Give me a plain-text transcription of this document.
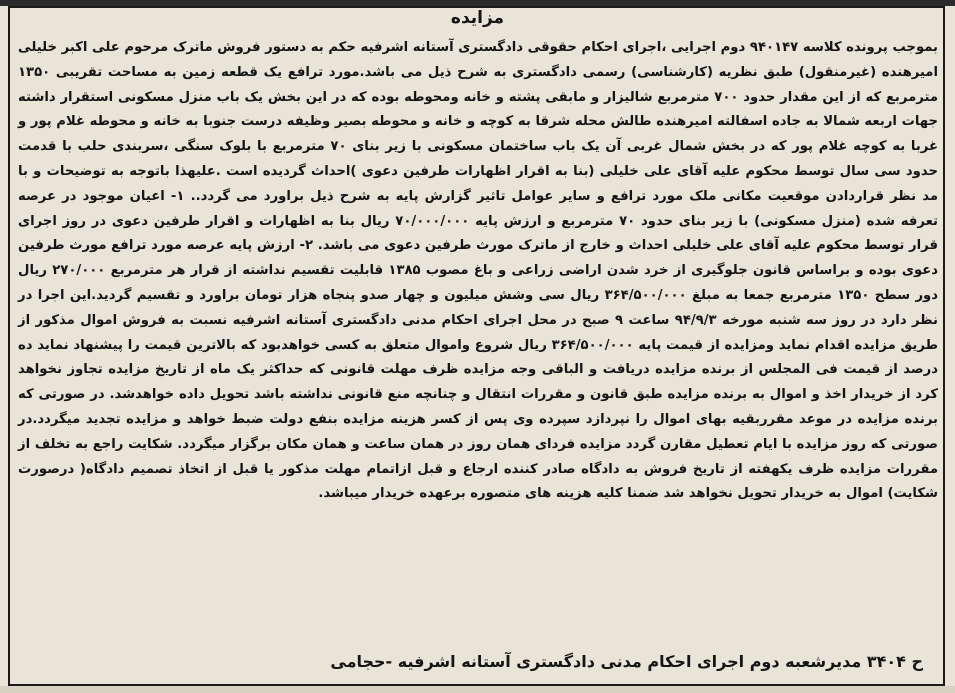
مزایده

بموجب پرونده کلاسه ۹۴۰۱۴۷ دوم اجرایی ،اجرای احکام حقوقی دادگستری آستانه اشرفیه حکم به دستور فروش ماترک مرحوم علی اکبر خلیلی امیرهنده (غیرمنقول) طبق نظریه (کارشناسی) رسمی دادگستری به شرح ذیل می باشد.مورد ترافع یک قطعه زمین به مساحت تقریبی ۱۳۵۰ مترمربع که از این مقدار حدود ۷۰۰ مترمربع شالیزار و مابقی پشته و خانه ومحوطه بوده که در این بخش یک باب منزل مسکونی استقرار داشته جهات اربعه شمالا به جاده اسفالته امیرهنده طالش محله شرقا به کوچه و خانه و محوطه بصیر وظیفه درست جنوبا به خانه و محوطه غلام پور و غربا به کوچه غلام پور که در بخش شمال غربی آن یک باب ساختمان مسکونی با زیر بنای ۷۰ مترمربع با بلوک سنگی ،سربندی حلب با قدمت حدود سی سال توسط محکوم علیه آقای علی خلیلی (بنا به اقرار اظهارات طرفین دعوی )احداث گردیده است .علیهذا باتوجه به توضیحات و با مد نظر قراردادن موقعیت مکانی ملک مورد ترافع و سایر عوامل تاثیر گزارش پایه به شرح ذیل براورد می گردد.. ۱- اعیان موجود در عرصه تعرفه شده (منزل مسکونی) با زیر بنای حدود ۷۰ مترمربع و ارزش پایه ۷۰/۰۰۰/۰۰۰ ریال بنا به اظهارات و اقرار طرفین دعوی در روز اجرای قرار توسط محکوم علیه آقای علی خلیلی احداث و خارج از ماترک مورث طرفین دعوی می باشد. ۲- ارزش پایه عرصه مورد ترافع مورث طرفین دعوی بوده و براساس قانون جلوگیری از خرد شدن اراضی زراعی و باغ مصوب ۱۳۸۵ قابلیت تقسیم نداشته از قرار هر مترمربع ۲۷۰/۰۰۰ ریال دور سطح ۱۳۵۰ مترمربع جمعا به مبلغ ۳۶۴/۵۰۰/۰۰۰ ریال سی وشش میلیون و چهار صدو پنجاه هزار تومان براورد و تقسیم گردید.این اجرا در نظر دارد در روز سه شنبه مورخه ۹۴/۹/۳ ساعت ۹ صبح در محل اجرای احکام مدنی دادگستری آستانه اشرفیه نسبت به فروش اموال مذکور از طریق مزایده اقدام نماید ومزایده از قیمت پایه ۳۶۴/۵۰۰/۰۰۰ ریال شروع واموال متعلق به کسی خواهدبود که بالاترین قیمت را پیشنهاد نماید ده درصد از قیمت فی المجلس از برنده مزایده دریافت و الباقی وجه مزایده ظرف مهلت قانونی که حداکثر یک ماه از تاریخ مزایده تجاوز نخواهد کرد از خریدار اخذ و اموال به برنده مزایده طبق قانون و مقررات انتقال و چنانچه منع قانونی نداشته باشد تحویل داده خواهدشد. در صورتی که برنده مزایده در موعد مقرربقیه بهای اموال را نپردازد سپرده وی پس از کسر هزینه مزایده بنفع دولت ضبط خواهد و مزایده تجدید میگردد.در صورتی که روز مزایده با ایام تعطیل مقارن گردد مزایده فردای همان روز در همان ساعت و همان مکان برگزار میگردد. شکایت راجع به تخلف از مقررات مزایده ظرف یکهفته از تاریخ فروش به دادگاه صادر کننده ارجاع و قبل ازاتمام مهلت مذکور یا قبل از اتخاذ تصمیم دادگاه( درصورت شکایت) اموال به خریدار تحویل نخواهد شد ضمنا کلیه هزینه های متصوره برعهده خریدار میباشد.

ح ۳۴۰۴ مدیرشعبه دوم اجرای احکام مدنی دادگستری آستانه اشرفیه -حجامی
